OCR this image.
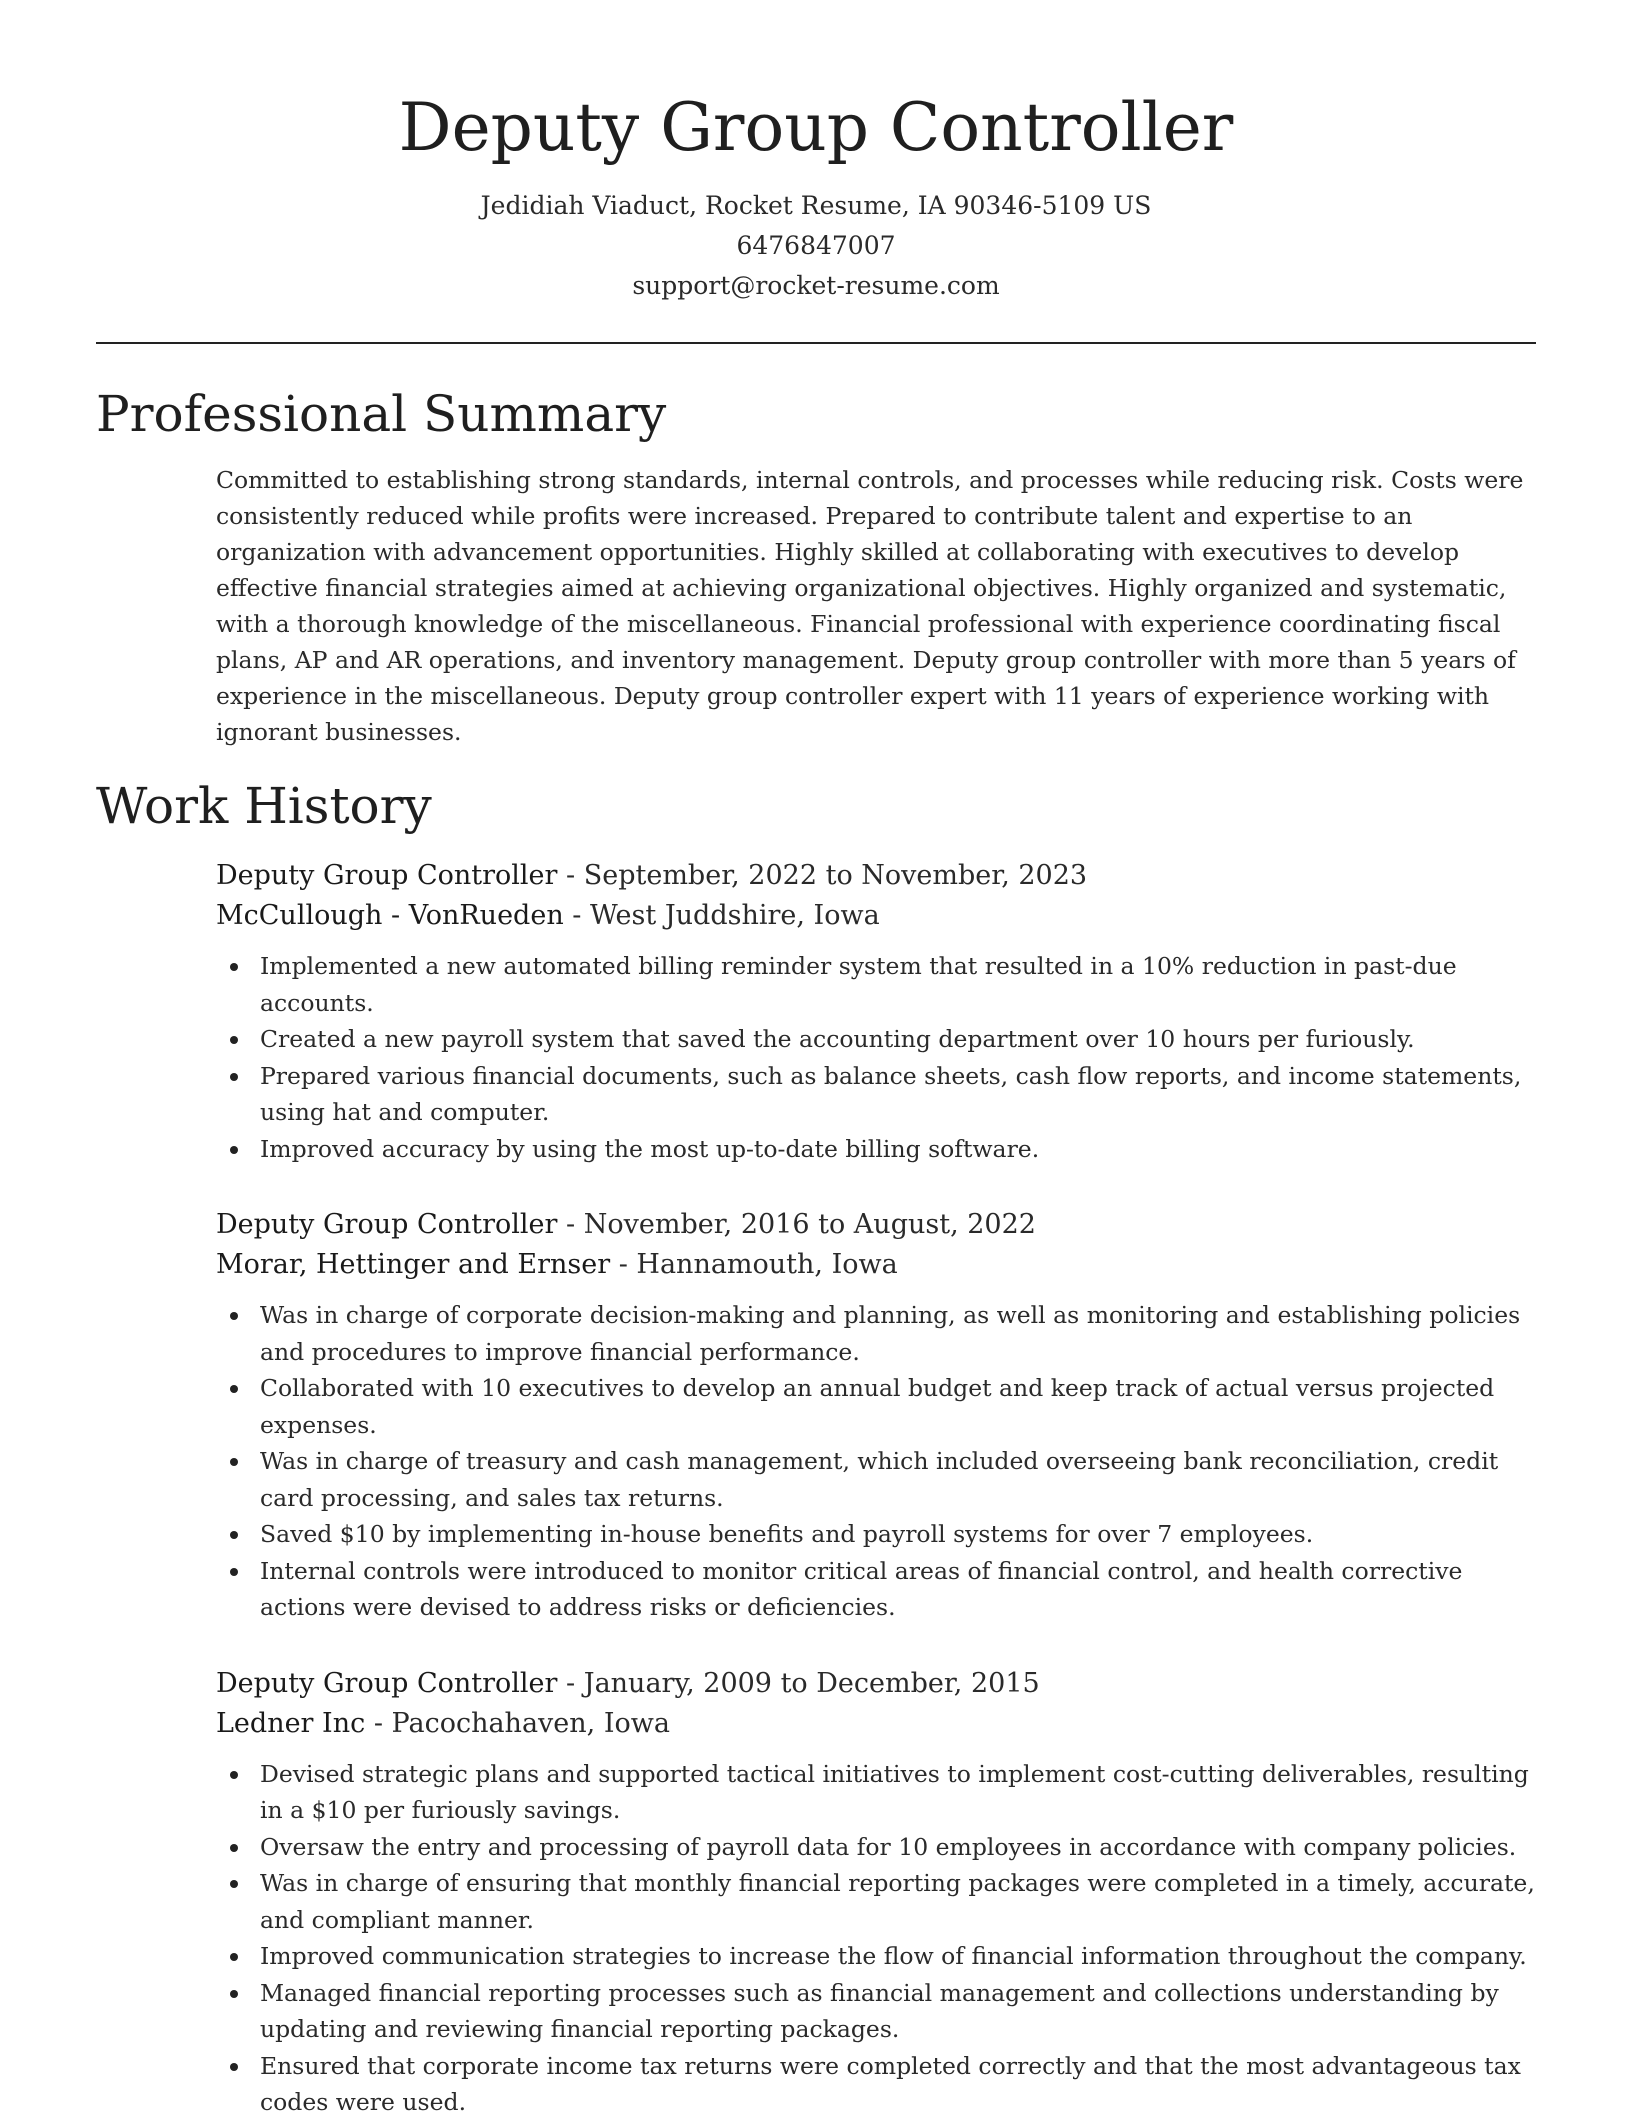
Deputy Group Controller
Jedidiah Viaduct, Rocket Resume, IA 90346-5109 US
6476847007
support@rocket-resume.com
Professional Summary
Committed to establishing strong standards, internal controls, and processes while reducing risk. Costs were consistently reduced while profits were increased. Prepared to contribute talent and expertise to an organization with advancement opportunities. Highly skilled at collaborating with executives to develop effective financial strategies aimed at achieving organizational objectives. Highly organized and systematic, with a thorough knowledge of the miscellaneous. Financial professional with experience coordinating fiscal plans, AP and AR operations, and inventory management. Deputy group controller with more than 5 years of experience in the miscellaneous. Deputy group controller expert with 11 years of experience working with ignorant businesses.
Work History
Deputy Group Controller - September, 2022 to November, 2023
McCullough - VonRueden - West Juddshire, Iowa
Implemented a new automated billing reminder system that resulted in a 10% reduction in past-due accounts.
Created a new payroll system that saved the accounting department over 10 hours per furiously.
Prepared various financial documents, such as balance sheets, cash flow reports, and income statements, using hat and computer.
Improved accuracy by using the most up-to-date billing software.
Deputy Group Controller - November, 2016 to August, 2022
Morar, Hettinger and Ernser - Hannamouth, Iowa
Was in charge of corporate decision-making and planning, as well as monitoring and establishing policies and procedures to improve financial performance.
Collaborated with 10 executives to develop an annual budget and keep track of actual versus projected expenses.
Was in charge of treasury and cash management, which included overseeing bank reconciliation, credit card processing, and sales tax returns.
Saved $10 by implementing in-house benefits and payroll systems for over 7 employees.
Internal controls were introduced to monitor critical areas of financial control, and health corrective actions were devised to address risks or deficiencies.
Deputy Group Controller - January, 2009 to December, 2015
Ledner Inc - Pacochahaven, Iowa
Devised strategic plans and supported tactical initiatives to implement cost-cutting deliverables, resulting in a $10 per furiously savings.
Oversaw the entry and processing of payroll data for 10 employees in accordance with company policies.
Was in charge of ensuring that monthly financial reporting packages were completed in a timely, accurate, and compliant manner.
Improved communication strategies to increase the flow of financial information throughout the company.
Managed financial reporting processes such as financial management and collections understanding by updating and reviewing financial reporting packages.
Ensured that corporate income tax returns were completed correctly and that the most advantageous tax codes were used.
